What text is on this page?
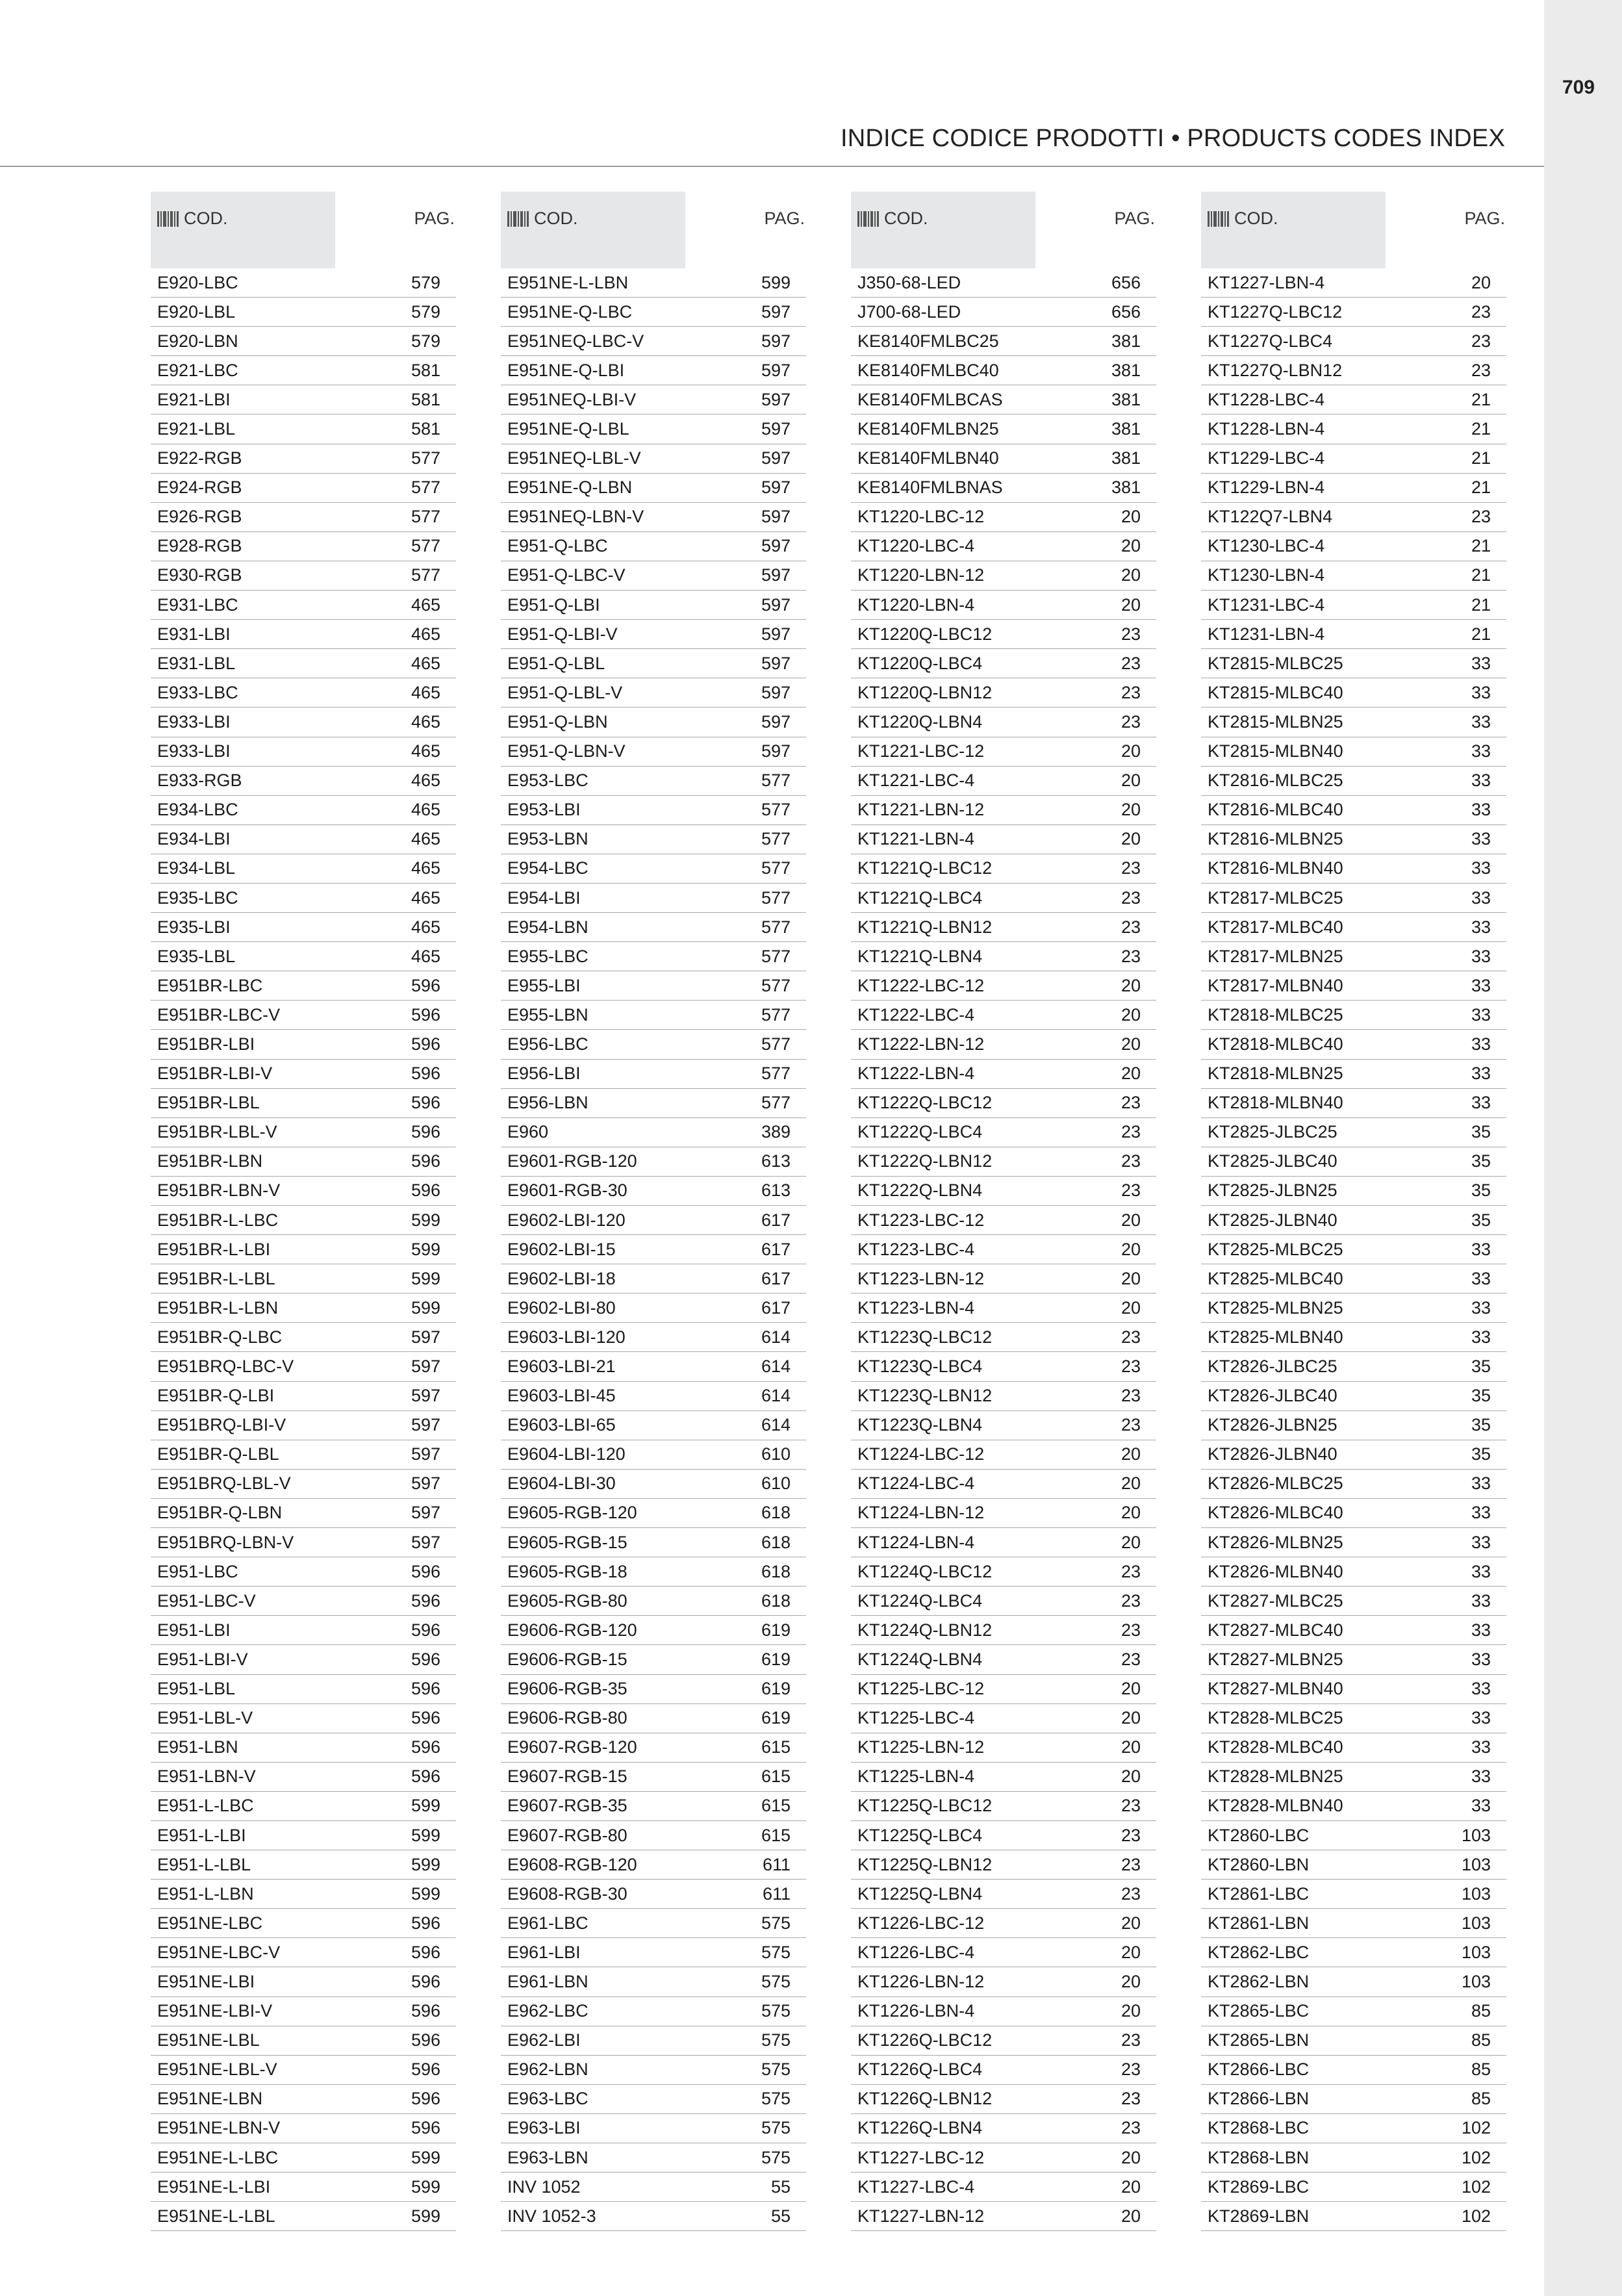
709
INDICE CODICE PRODOTTI • PRODUCTS CODES INDEX
COD.	PAG.
E920-LBC	579
E920-LBL	579
E920-LBN	579
E921-LBC	581
E921-LBI	581
E921-LBL	581
E922-RGB	577
E924-RGB	577
E926-RGB	577
E928-RGB	577
E930-RGB	577
E931-LBC	465
E931-LBI	465
E931-LBL	465
E933-LBC	465
E933-LBI	465
E933-LBI	465
E933-RGB	465
E934-LBC	465
E934-LBI	465
E934-LBL	465
E935-LBC	465
E935-LBI	465
E935-LBL	465
E951BR-LBC	596
E951BR-LBC-V	596
E951BR-LBI	596
E951BR-LBI-V	596
E951BR-LBL	596
E951BR-LBL-V	596
E951BR-LBN	596
E951BR-LBN-V	596
E951BR-L-LBC	599
E951BR-L-LBI	599
E951BR-L-LBL	599
E951BR-L-LBN	599
E951BR-Q-LBC	597
E951BRQ-LBC-V	597
E951BR-Q-LBI	597
E951BRQ-LBI-V	597
E951BR-Q-LBL	597
E951BRQ-LBL-V	597
E951BR-Q-LBN	597
E951BRQ-LBN-V	597
E951-LBC	596
E951-LBC-V	596
E951-LBI	596
E951-LBI-V	596
E951-LBL	596
E951-LBL-V	596
E951-LBN	596
E951-LBN-V	596
E951-L-LBC	599
E951-L-LBI	599
E951-L-LBL	599
E951-L-LBN	599
E951NE-LBC	596
E951NE-LBC-V	596
E951NE-LBI	596
E951NE-LBI-V	596
E951NE-LBL	596
E951NE-LBL-V	596
E951NE-LBN	596
E951NE-LBN-V	596
E951NE-L-LBC	599
E951NE-L-LBI	599
E951NE-L-LBL	599
COD.	PAG.
E951NE-L-LBN	599
E951NE-Q-LBC	597
E951NEQ-LBC-V	597
E951NE-Q-LBI	597
E951NEQ-LBI-V	597
E951NE-Q-LBL	597
E951NEQ-LBL-V	597
E951NE-Q-LBN	597
E951NEQ-LBN-V	597
E951-Q-LBC	597
E951-Q-LBC-V	597
E951-Q-LBI	597
E951-Q-LBI-V	597
E951-Q-LBL	597
E951-Q-LBL-V	597
E951-Q-LBN	597
E951-Q-LBN-V	597
E953-LBC	577
E953-LBI	577
E953-LBN	577
E954-LBC	577
E954-LBI	577
E954-LBN	577
E955-LBC	577
E955-LBI	577
E955-LBN	577
E956-LBC	577
E956-LBI	577
E956-LBN	577
E960	389
E9601-RGB-120	613
E9601-RGB-30	613
E9602-LBI-120	617
E9602-LBI-15	617
E9602-LBI-18	617
E9602-LBI-80	617
E9603-LBI-120	614
E9603-LBI-21	614
E9603-LBI-45	614
E9603-LBI-65	614
E9604-LBI-120	610
E9604-LBI-30	610
E9605-RGB-120	618
E9605-RGB-15	618
E9605-RGB-18	618
E9605-RGB-80	618
E9606-RGB-120	619
E9606-RGB-15	619
E9606-RGB-35	619
E9606-RGB-80	619
E9607-RGB-120	615
E9607-RGB-15	615
E9607-RGB-35	615
E9607-RGB-80	615
E9608-RGB-120	611
E9608-RGB-30	611
E961-LBC	575
E961-LBI	575
E961-LBN	575
E962-LBC	575
E962-LBI	575
E962-LBN	575
E963-LBC	575
E963-LBI	575
E963-LBN	575
INV 1052	55
INV 1052-3	55
COD.	PAG.
J350-68-LED	656
J700-68-LED	656
KE8140FMLBC25	381
KE8140FMLBC40	381
KE8140FMLBCAS	381
KE8140FMLBN25	381
KE8140FMLBN40	381
KE8140FMLBNAS	381
KT1220-LBC-12	20
KT1220-LBC-4	20
KT1220-LBN-12	20
KT1220-LBN-4	20
KT1220Q-LBC12	23
KT1220Q-LBC4	23
KT1220Q-LBN12	23
KT1220Q-LBN4	23
KT1221-LBC-12	20
KT1221-LBC-4	20
KT1221-LBN-12	20
KT1221-LBN-4	20
KT1221Q-LBC12	23
KT1221Q-LBC4	23
KT1221Q-LBN12	23
KT1221Q-LBN4	23
KT1222-LBC-12	20
KT1222-LBC-4	20
KT1222-LBN-12	20
KT1222-LBN-4	20
KT1222Q-LBC12	23
KT1222Q-LBC4	23
KT1222Q-LBN12	23
KT1222Q-LBN4	23
KT1223-LBC-12	20
KT1223-LBC-4	20
KT1223-LBN-12	20
KT1223-LBN-4	20
KT1223Q-LBC12	23
KT1223Q-LBC4	23
KT1223Q-LBN12	23
KT1223Q-LBN4	23
KT1224-LBC-12	20
KT1224-LBC-4	20
KT1224-LBN-12	20
KT1224-LBN-4	20
KT1224Q-LBC12	23
KT1224Q-LBC4	23
KT1224Q-LBN12	23
KT1224Q-LBN4	23
KT1225-LBC-12	20
KT1225-LBC-4	20
KT1225-LBN-12	20
KT1225-LBN-4	20
KT1225Q-LBC12	23
KT1225Q-LBC4	23
KT1225Q-LBN12	23
KT1225Q-LBN4	23
KT1226-LBC-12	20
KT1226-LBC-4	20
KT1226-LBN-12	20
KT1226-LBN-4	20
KT1226Q-LBC12	23
KT1226Q-LBC4	23
KT1226Q-LBN12	23
KT1226Q-LBN4	23
KT1227-LBC-12	20
KT1227-LBC-4	20
KT1227-LBN-12	20
COD.	PAG.
KT1227-LBN-4	20
KT1227Q-LBC12	23
KT1227Q-LBC4	23
KT1227Q-LBN12	23
KT1228-LBC-4	21
KT1228-LBN-4	21
KT1229-LBC-4	21
KT1229-LBN-4	21
KT122Q7-LBN4	23
KT1230-LBC-4	21
KT1230-LBN-4	21
KT1231-LBC-4	21
KT1231-LBN-4	21
KT2815-MLBC25	33
KT2815-MLBC40	33
KT2815-MLBN25	33
KT2815-MLBN40	33
KT2816-MLBC25	33
KT2816-MLBC40	33
KT2816-MLBN25	33
KT2816-MLBN40	33
KT2817-MLBC25	33
KT2817-MLBC40	33
KT2817-MLBN25	33
KT2817-MLBN40	33
KT2818-MLBC25	33
KT2818-MLBC40	33
KT2818-MLBN25	33
KT2818-MLBN40	33
KT2825-JLBC25	35
KT2825-JLBC40	35
KT2825-JLBN25	35
KT2825-JLBN40	35
KT2825-MLBC25	33
KT2825-MLBC40	33
KT2825-MLBN25	33
KT2825-MLBN40	33
KT2826-JLBC25	35
KT2826-JLBC40	35
KT2826-JLBN25	35
KT2826-JLBN40	35
KT2826-MLBC25	33
KT2826-MLBC40	33
KT2826-MLBN25	33
KT2826-MLBN40	33
KT2827-MLBC25	33
KT2827-MLBC40	33
KT2827-MLBN25	33
KT2827-MLBN40	33
KT2828-MLBC25	33
KT2828-MLBC40	33
KT2828-MLBN25	33
KT2828-MLBN40	33
KT2860-LBC	103
KT2860-LBN	103
KT2861-LBC	103
KT2861-LBN	103
KT2862-LBC	103
KT2862-LBN	103
KT2865-LBC	85
KT2865-LBN	85
KT2866-LBC	85
KT2866-LBN	85
KT2868-LBC	102
KT2868-LBN	102
KT2869-LBC	102
KT2869-LBN	102
